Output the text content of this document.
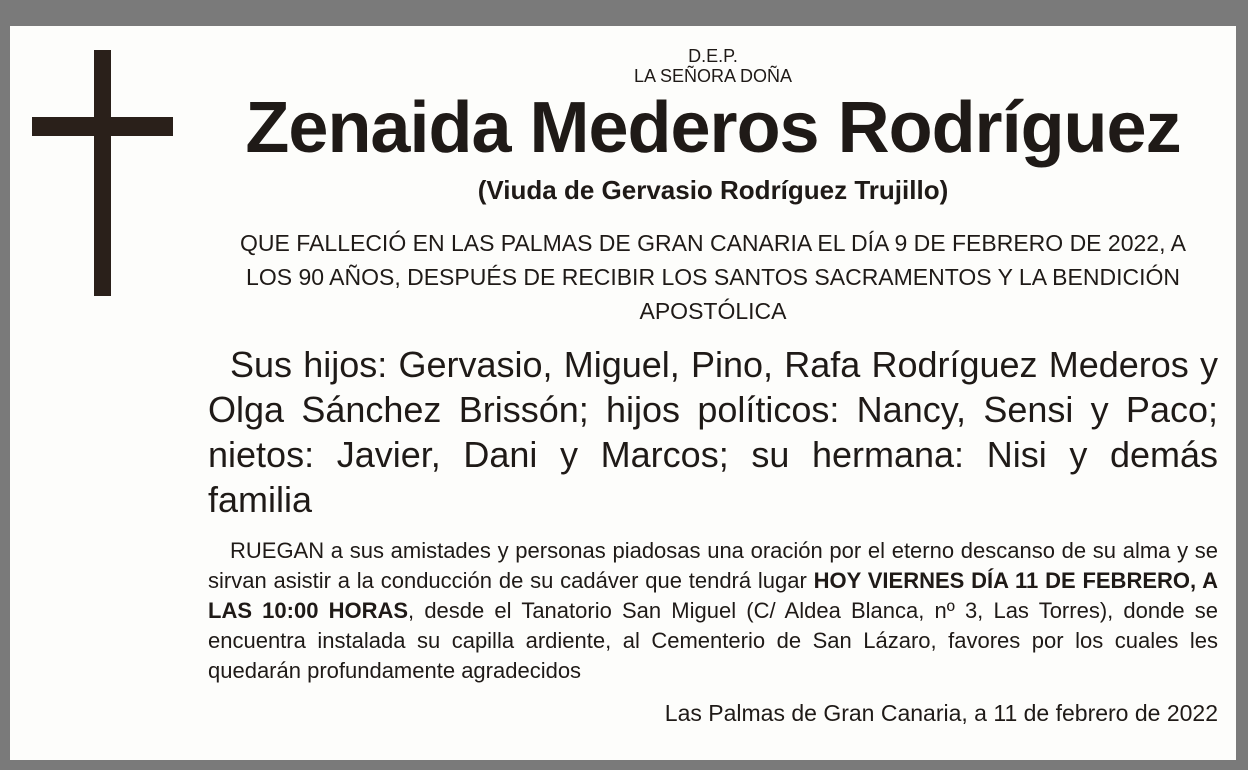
D.E.P.
LA SEÑORA DOÑA
Zenaida Mederos Rodríguez
(Viuda de Gervasio Rodríguez Trujillo)
QUE FALLECIÓ EN LAS PALMAS DE GRAN CANARIA EL DÍA 9 DE FEBRERO DE 2022, A LOS 90 AÑOS, DESPUÉS DE RECIBIR LOS SANTOS SACRAMENTOS Y LA BENDICIÓN APOSTÓLICA
Sus hijos: Gervasio, Miguel, Pino, Rafa Rodríguez Mederos y Olga Sánchez Brissón; hijos políticos: Nancy, Sensi y Paco; nietos: Javier, Dani y Marcos; su hermana: Nisi y demás familia
RUEGAN a sus amistades y personas piadosas una oración por el eterno descanso de su alma y se sirvan asistir a la conducción de su cadáver que tendrá lugar HOY VIERNES DÍA 11 DE FEBRERO, A LAS 10:00 HORAS, desde el Tanatorio San Miguel (C/ Aldea Blanca, nº 3, Las Torres), donde se encuentra instalada su capilla ardiente, al Cementerio de San Lázaro, favores por los cuales les quedarán profundamente agradecidos
Las Palmas de Gran Canaria, a 11 de febrero de 2022
